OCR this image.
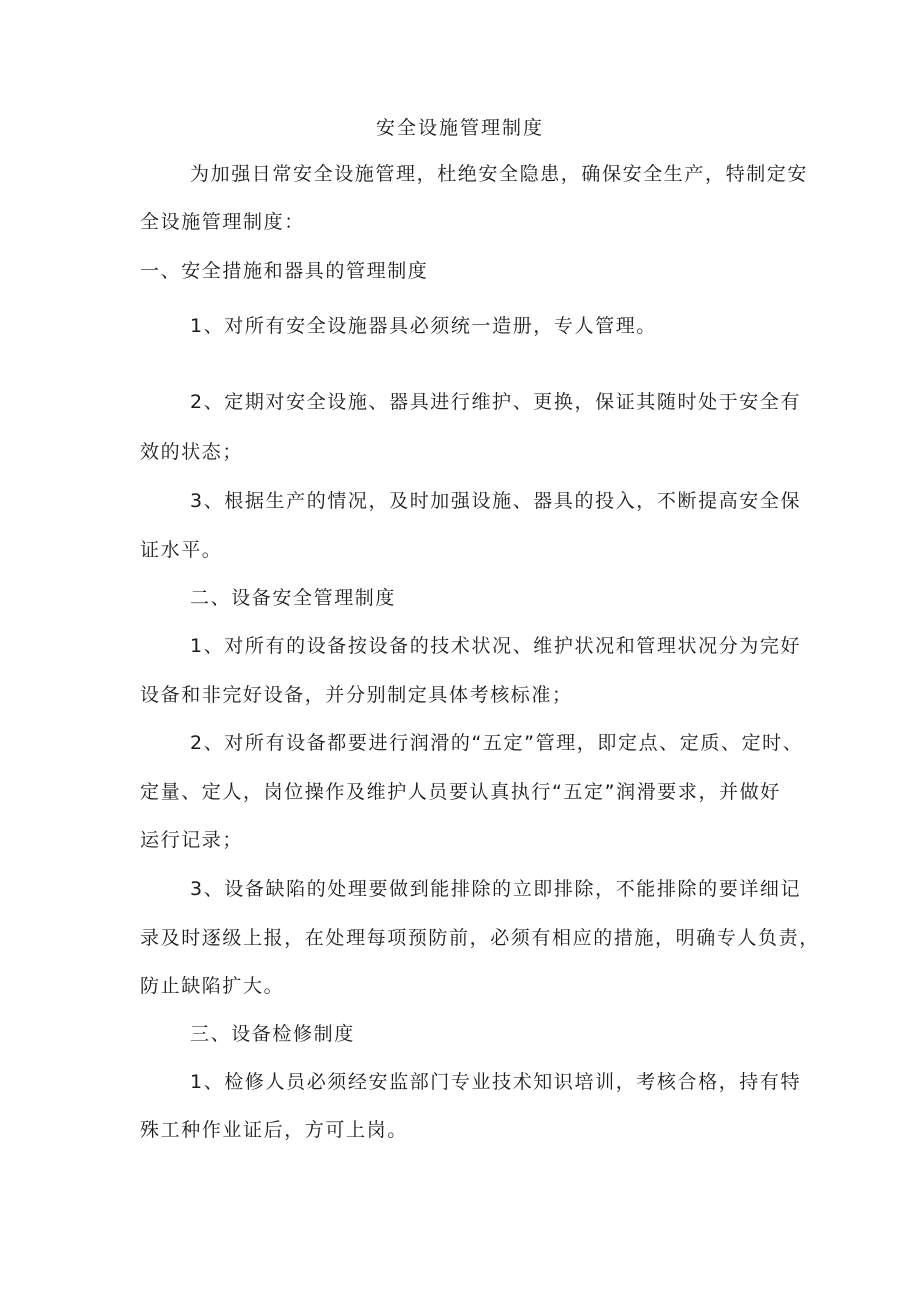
安全设施管理制度
为加强日常安全设施管理，杜绝安全隐患，确保安全生产，特制定安
全设施管理制度：
一、安全措施和器具的管理制度
1、对所有安全设施器具必须统一造册，专人管理。
2、定期对安全设施、器具进行维护、更换，保证其随时处于安全有
效的状态；
3、根据生产的情况，及时加强设施、器具的投入，不断提高安全保
证水平。
二、设备安全管理制度
1、对所有的设备按设备的技术状况、维护状况和管理状况分为完好
设备和非完好设备，并分别制定具体考核标准；
2、对所有设备都要进行润滑的“五定”管理，即定点、定质、定时、
定量、定人，岗位操作及维护人员要认真执行“五定”润滑要求，并做好
运行记录；
3、设备缺陷的处理要做到能排除的立即排除，不能排除的要详细记
录及时逐级上报，在处理每项预防前，必须有相应的措施，明确专人负责，
防止缺陷扩大。
三、设备检修制度
1、检修人员必须经安监部门专业技术知识培训，考核合格，持有特
殊工种作业证后，方可上岗。
